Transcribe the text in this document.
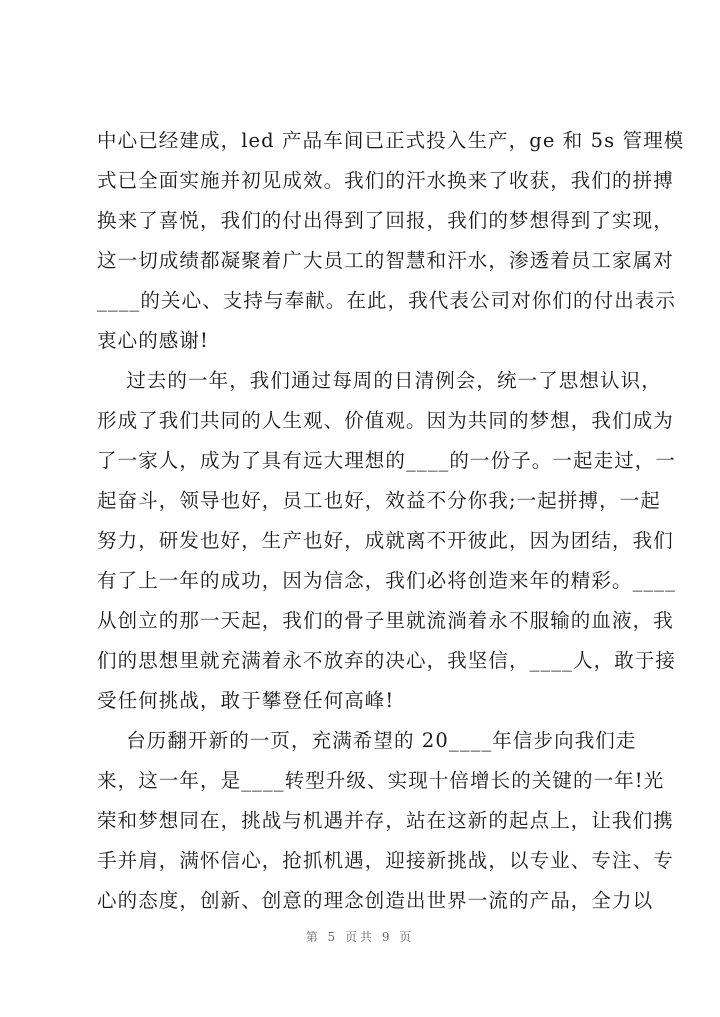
中心已经建成，led 产品车间已正式投入生产，ge 和 5s 管理模
式已全面实施并初见成效。我们的汗水换来了收获，我们的拼搏
换来了喜悦，我们的付出得到了回报，我们的梦想得到了实现，
这一切成绩都凝聚着广大员工的智慧和汗水，渗透着员工家属对
____的关心、支持与奉献。在此，我代表公司对你们的付出表示
衷心的感谢!
过去的一年，我们通过每周的日清例会，统一了思想认识，
形成了我们共同的人生观、价值观。因为共同的梦想，我们成为
了一家人，成为了具有远大理想的____的一份子。一起走过，一
起奋斗，领导也好，员工也好，效益不分你我;一起拼搏，一起
努力，研发也好，生产也好，成就离不开彼此，因为团结，我们
有了上一年的成功，因为信念，我们必将创造来年的精彩。____
从创立的那一天起，我们的骨子里就流淌着永不服输的血液，我
们的思想里就充满着永不放弃的决心，我坚信，____人，敢于接
受任何挑战，敢于攀登任何高峰!
台历翻开新的一页，充满希望的 20____年信步向我们走
来，这一年，是____转型升级、实现十倍增长的关键的一年!光
荣和梦想同在，挑战与机遇并存，站在这新的起点上，让我们携
手并肩，满怀信心，抢抓机遇，迎接新挑战，以专业、专注、专
心的态度，创新、创意的理念创造出世界一流的产品，全力以
第 5 页共 9 页
